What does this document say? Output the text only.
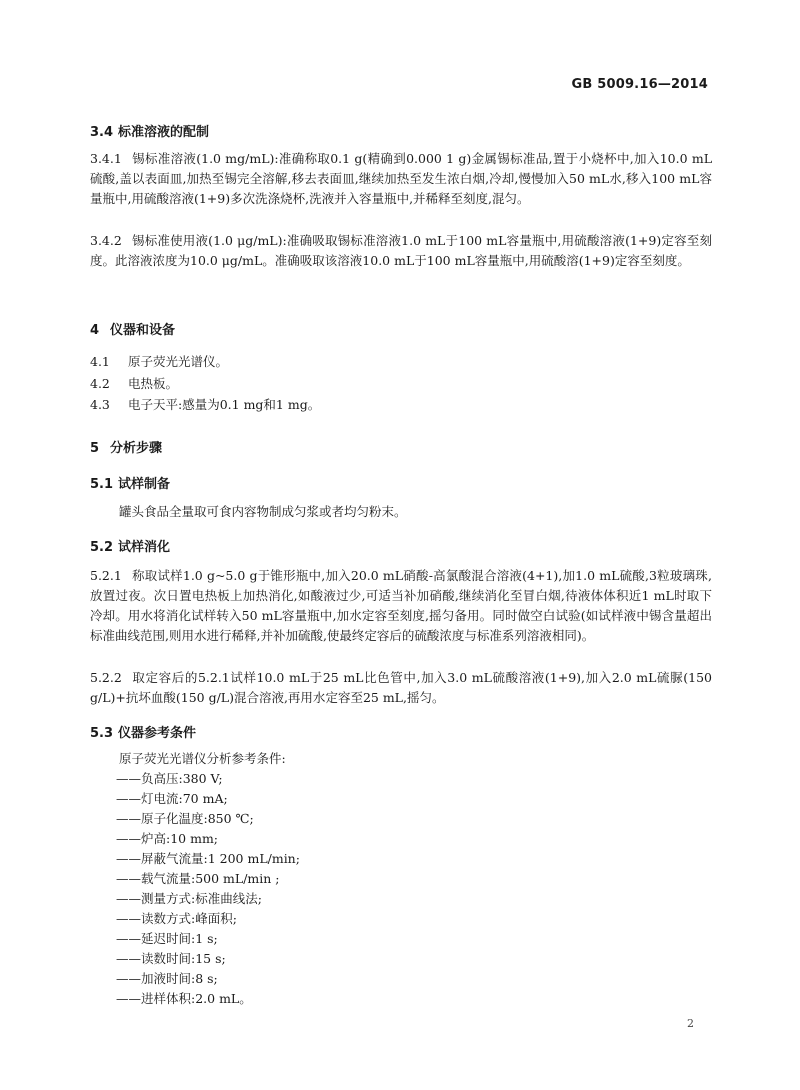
GB 5009.16—2014
3.4 标准溶液的配制
3.4.1 锡标准溶液(1.0 mg/mL):准确称取0.1 g(精确到0.000 1 g)金属锡标准品,置于小烧杯中,加入10.0 mL硫酸,盖以表面皿,加热至锡完全溶解,移去表面皿,继续加热至发生浓白烟,冷却,慢慢加入50 mL水,移入100 mL容量瓶中,用硫酸溶液(1+9)多次洗涤烧杯,洗液并入容量瓶中,并稀释至刻度,混匀。
3.4.2 锡标准使用液(1.0 μg/mL):准确吸取锡标准溶液1.0 mL于100 mL容量瓶中,用硫酸溶液(1+9)定容至刻度。此溶液浓度为10.0 μg/mL。准确吸取该溶液10.0 mL于100 mL容量瓶中,用硫酸溶(1+9)定容至刻度。
4 仪器和设备
4.1 原子荧光光谱仪。
4.2 电热板。
4.3 电子天平:感量为0.1 mg和1 mg。
5 分析步骤
5.1 试样制备
罐头食品全量取可食内容物制成匀浆或者均匀粉末。
5.2 试样消化
5.2.1 称取试样1.0 g~5.0 g于锥形瓶中,加入20.0 mL硝酸-高氯酸混合溶液(4+1),加1.0 mL硫酸,3粒玻璃珠,放置过夜。次日置电热板上加热消化,如酸液过少,可适当补加硝酸,继续消化至冒白烟,待液体体积近1 mL时取下冷却。用水将消化试样转入50 mL容量瓶中,加水定容至刻度,摇匀备用。同时做空白试验(如试样液中锡含量超出标准曲线范围,则用水进行稀释,并补加硫酸,使最终定容后的硫酸浓度与标准系列溶液相同)。
5.2.2 取定容后的5.2.1试样10.0 mL于25 mL比色管中,加入3.0 mL硫酸溶液(1+9),加入2.0 mL硫脲(150 g/L)+抗坏血酸(150 g/L)混合溶液,再用水定容至25 mL,摇匀。
5.3 仪器参考条件
原子荧光光谱仪分析参考条件:
——负高压:380 V;
——灯电流:70 mA;
——原子化温度:850 ℃;
——炉高:10 mm;
——屏蔽气流量:1 200 mL/min;
——载气流量:500 mL/min ;
——测量方式:标准曲线法;
——读数方式:峰面积;
——延迟时间:1 s;
——读数时间:15 s;
——加液时间:8 s;
——进样体积:2.0 mL。
2
